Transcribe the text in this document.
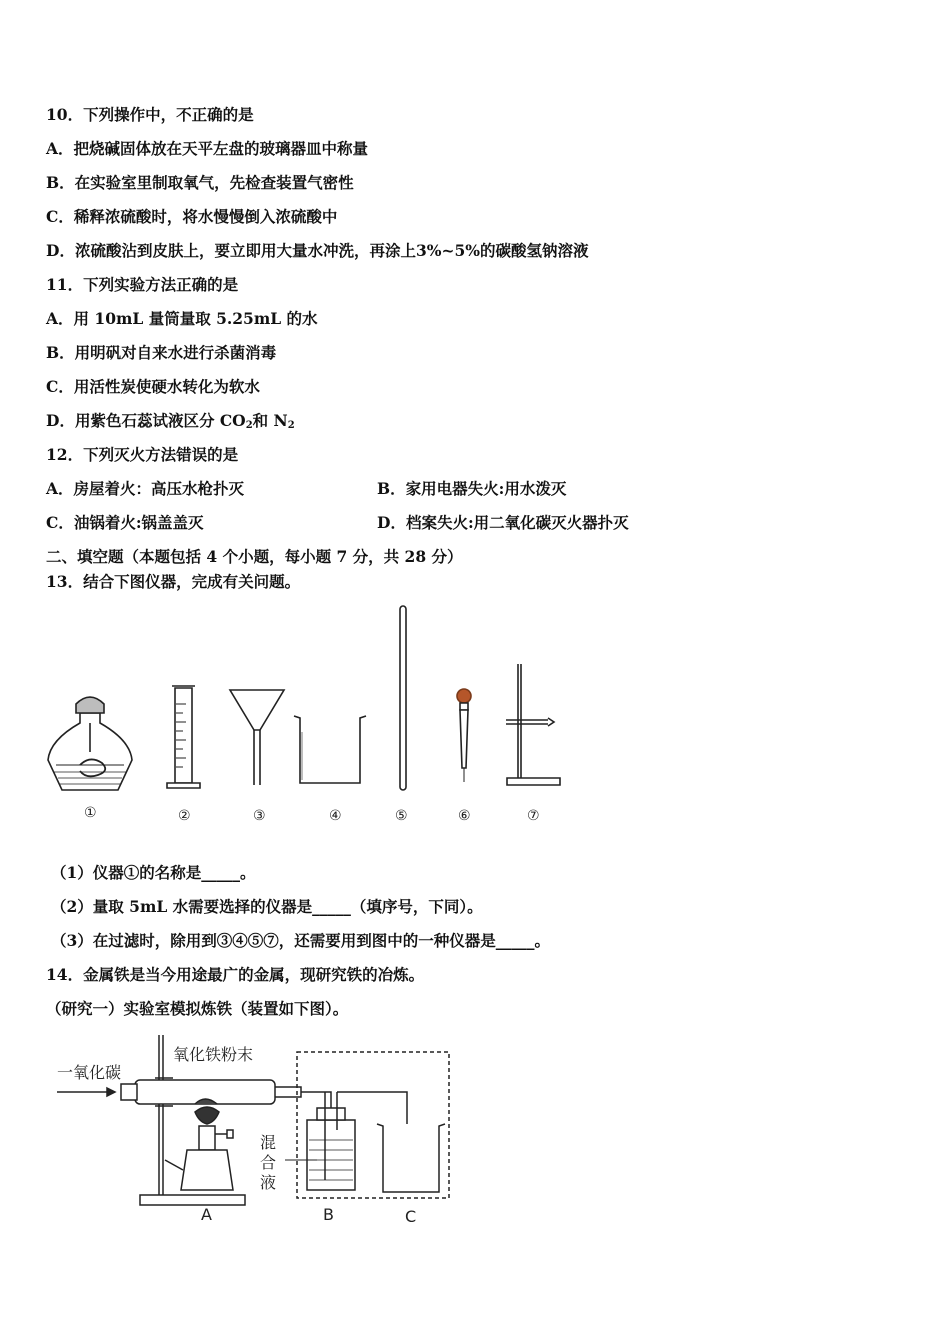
10．下列操作中，不正确的是
A．把烧碱固体放在天平左盘的玻璃器皿中称量
B．在实验室里制取氧气，先检查装置气密性
C．稀释浓硫酸时，将水慢慢倒入浓硫酸中
D．浓硫酸沾到皮肤上，要立即用大量水冲洗，再涂上3%~5%的碳酸氢钠溶液
11．下列实验方法正确的是
A．用 10mL 量筒量取 5.25mL 的水
B．用明矾对自来水进行杀菌消毒
C．用活性炭使硬水转化为软水
D．用紫色石蕊试液区分 $CO_2$和 $N_2$
12．下列灭火方法错误的是
A．房屋着火：高压水枪扑灭	B．家用电器失火:用水泼灭
C．油锅着火:锅盖盖灭	D．档案失火:用二氧化碳灭火器扑灭
二、填空题（本题包括 4 个小题，每小题 7 分，共 28 分）
13．结合下图仪器，完成有关问题。
①	②	③	④	⑤	⑥	⑦
（1）仪器①的名称是_____。
（2）量取 5mL 水需要选择的仪器是_____（填序号，下同）。
（3）在过滤时，除用到③④⑤⑦，还需要用到图中的一种仪器是_____。
14．金属铁是当今用途最广的金属，现研究铁的冶炼。
（研究一）实验室模拟炼铁（装置如下图）。
一氧化碳
氧化铁粉末
混
合
液
A	B	C
